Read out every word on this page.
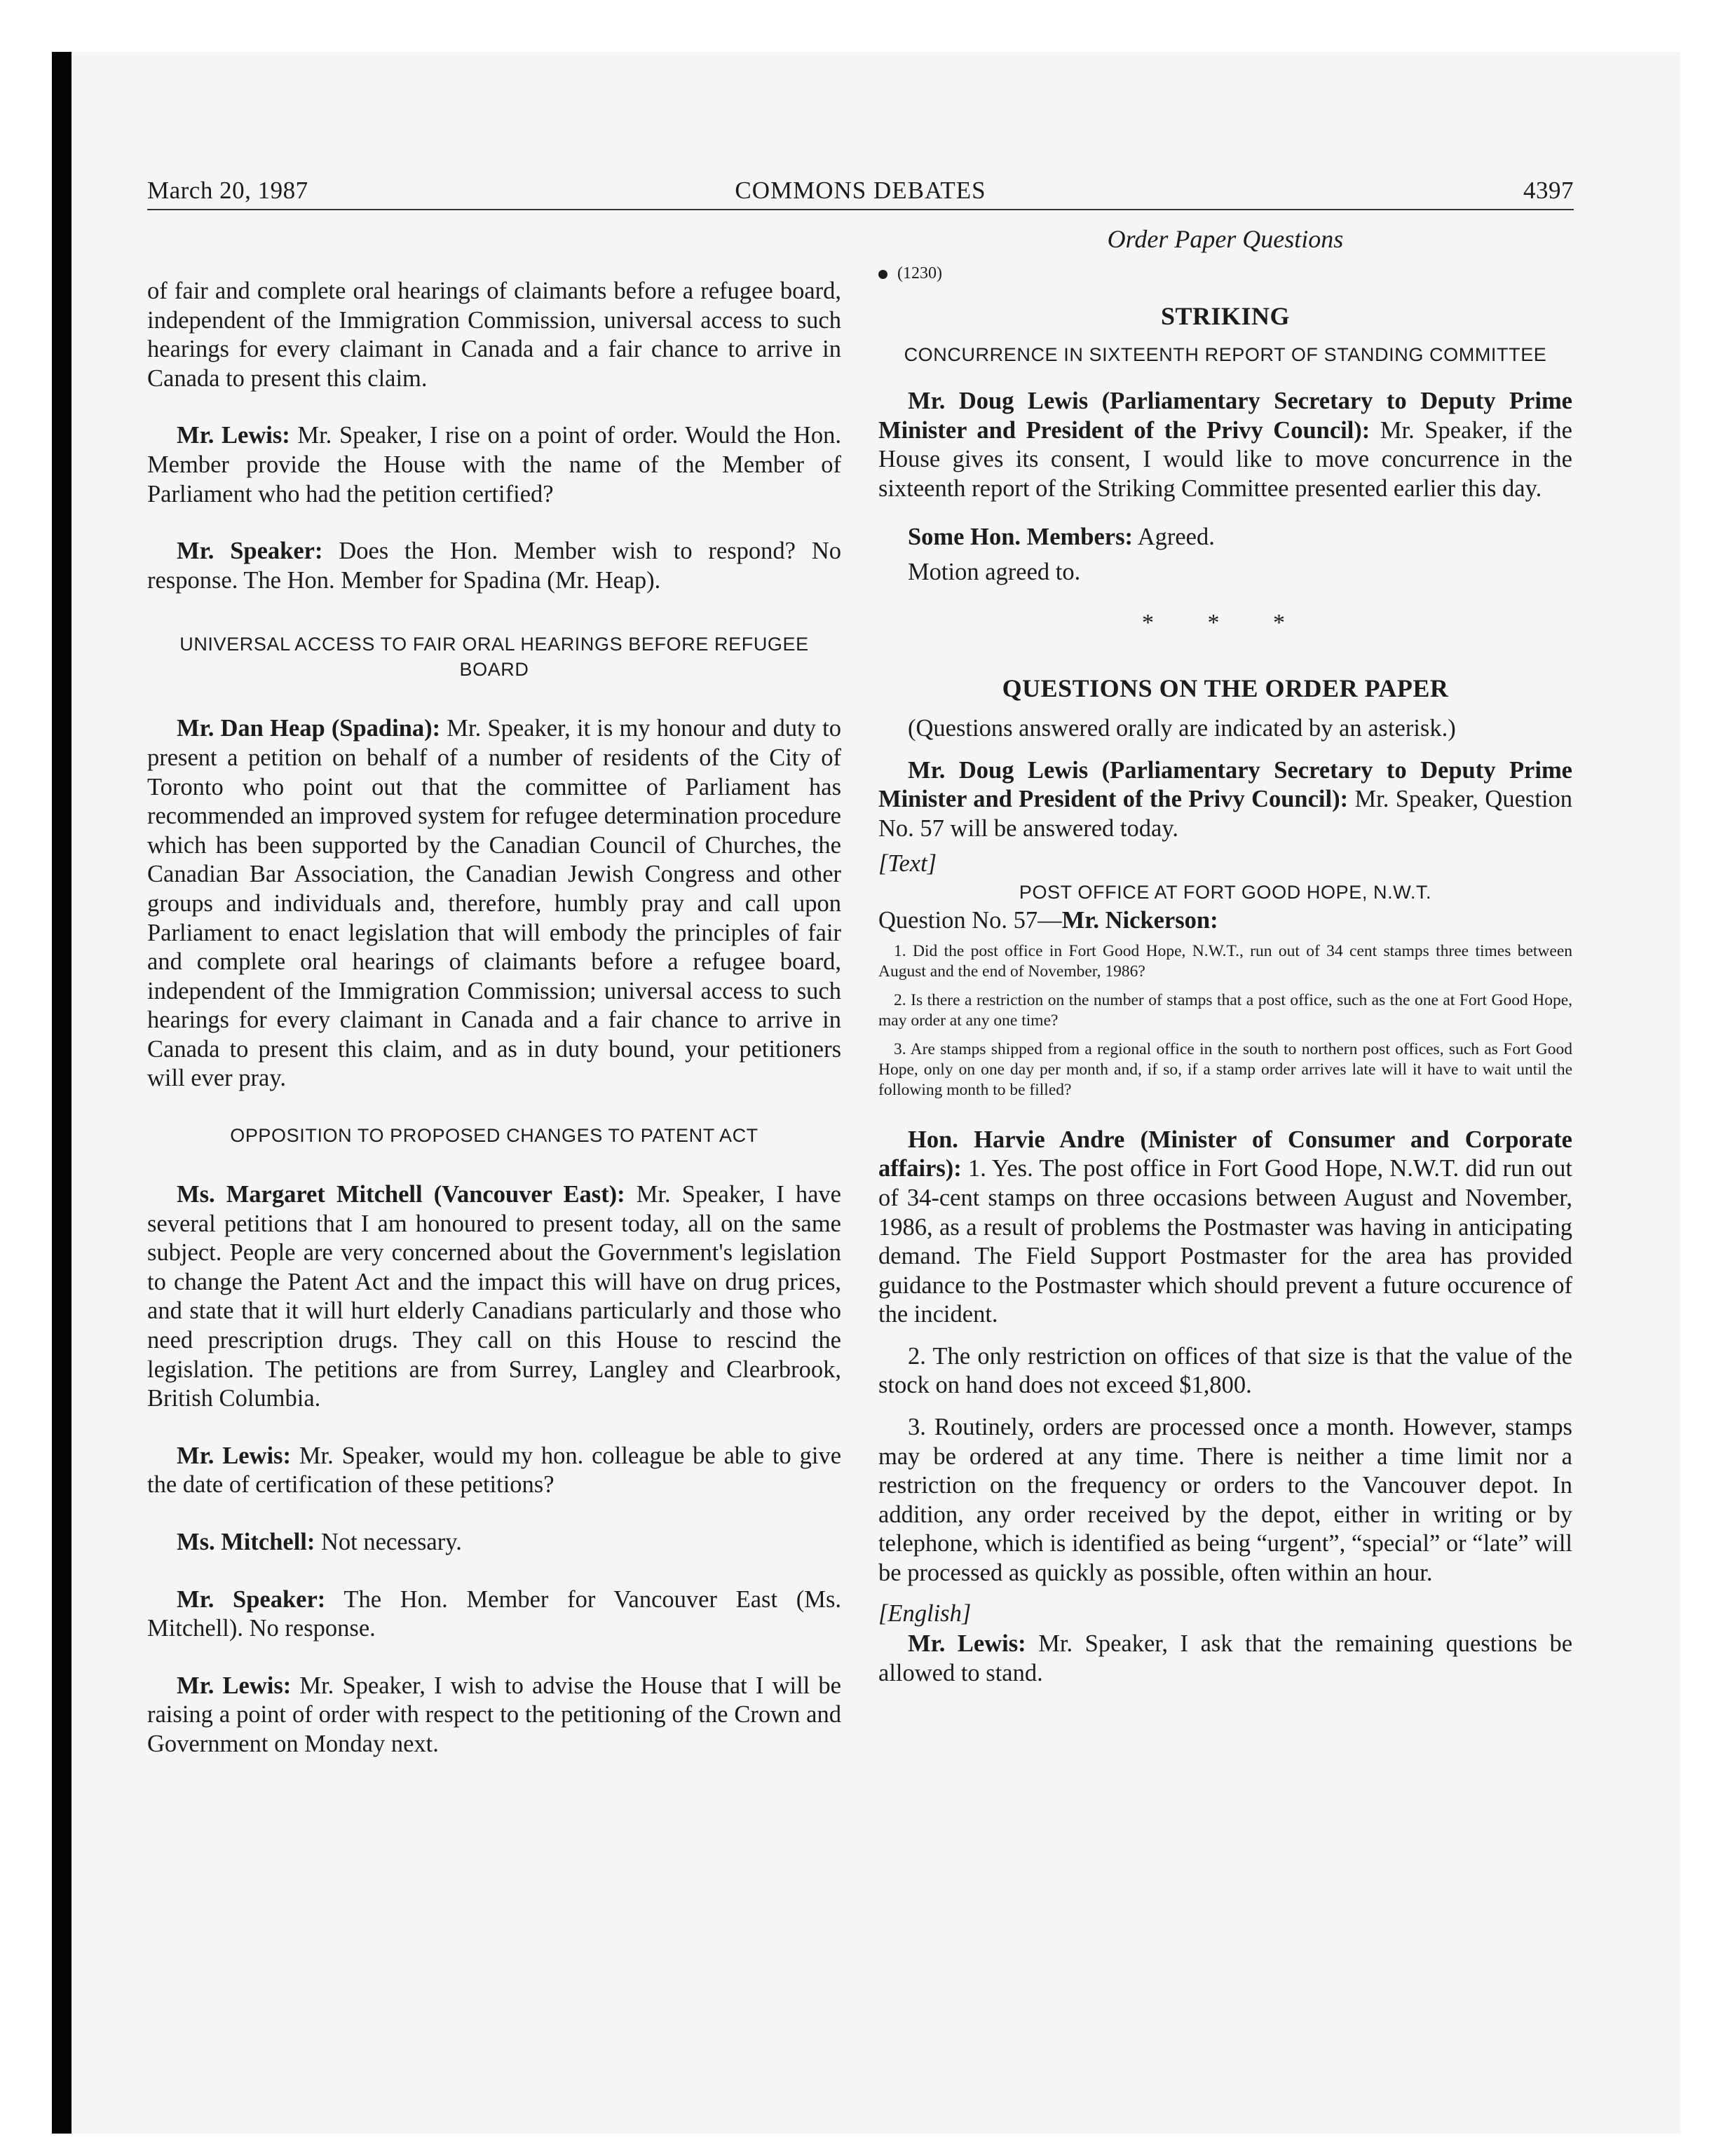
March 20, 1987	COMMONS DEBATES	4397

of fair and complete oral hearings of claimants before a refugee board, independent of the Immigration Commission, universal access to such hearings for every claimant in Canada and a fair chance to arrive in Canada to present this claim.

Mr. Lewis: Mr. Speaker, I rise on a point of order. Would the Hon. Member provide the House with the name of the Member of Parliament who had the petition certified?

Mr. Speaker: Does the Hon. Member wish to respond? No response. The Hon. Member for Spadina (Mr. Heap).

UNIVERSAL ACCESS TO FAIR ORAL HEARINGS BEFORE REFUGEE BOARD

Mr. Dan Heap (Spadina): Mr. Speaker, it is my honour and duty to present a petition on behalf of a number of residents of the City of Toronto who point out that the committee of Parliament has recommended an improved system for refugee determination procedure which has been supported by the Canadian Council of Churches, the Canadian Bar Association, the Canadian Jewish Congress and other groups and individuals and, therefore, humbly pray and call upon Parliament to enact legislation that will embody the principles of fair and complete oral hearings of claimants before a refugee board, independent of the Immigration Commission; universal access to such hearings for every claimant in Canada and a fair chance to arrive in Canada to present this claim, and as in duty bound, your petitioners will ever pray.

OPPOSITION TO PROPOSED CHANGES TO PATENT ACT

Ms. Margaret Mitchell (Vancouver East): Mr. Speaker, I have several petitions that I am honoured to present today, all on the same subject. People are very concerned about the Government's legislation to change the Patent Act and the impact this will have on drug prices, and state that it will hurt elderly Canadians particularly and those who need prescription drugs. They call on this House to rescind the legislation. The petitions are from Surrey, Langley and Clearbrook, British Columbia.

Mr. Lewis: Mr. Speaker, would my hon. colleague be able to give the date of certification of these petitions?

Ms. Mitchell: Not necessary.

Mr. Speaker: The Hon. Member for Vancouver East (Ms. Mitchell). No response.

Mr. Lewis: Mr. Speaker, I wish to advise the House that I will be raising a point of order with respect to the petitioning of the Crown and Government on Monday next.

Order Paper Questions

(1230)

STRIKING

CONCURRENCE IN SIXTEENTH REPORT OF STANDING COMMITTEE

Mr. Doug Lewis (Parliamentary Secretary to Deputy Prime Minister and President of the Privy Council): Mr. Speaker, if the House gives its consent, I would like to move concurrence in the sixteenth report of the Striking Committee presented earlier this day.

Some Hon. Members: Agreed.

Motion agreed to.

* * *

QUESTIONS ON THE ORDER PAPER

(Questions answered orally are indicated by an asterisk.)

Mr. Doug Lewis (Parliamentary Secretary to Deputy Prime Minister and President of the Privy Council): Mr. Speaker, Question No. 57 will be answered today.

[Text]

POST OFFICE AT FORT GOOD HOPE, N.W.T.

Question No. 57—Mr. Nickerson:

1. Did the post office in Fort Good Hope, N.W.T., run out of 34 cent stamps three times between August and the end of November, 1986?

2. Is there a restriction on the number of stamps that a post office, such as the one at Fort Good Hope, may order at any one time?

3. Are stamps shipped from a regional office in the south to northern post offices, such as Fort Good Hope, only on one day per month and, if so, if a stamp order arrives late will it have to wait until the following month to be filled?

Hon. Harvie Andre (Minister of Consumer and Corporate affairs): 1. Yes. The post office in Fort Good Hope, N.W.T. did run out of 34-cent stamps on three occasions between August and November, 1986, as a result of problems the Postmaster was having in anticipating demand. The Field Support Postmaster for the area has provided guidance to the Postmaster which should prevent a future occurence of the incident.

2. The only restriction on offices of that size is that the value of the stock on hand does not exceed $1,800.

3. Routinely, orders are processed once a month. However, stamps may be ordered at any time. There is neither a time limit nor a restriction on the frequency or orders to the Vancouver depot. In addition, any order received by the depot, either in writing or by telephone, which is identified as being “urgent”, “special” or “late” will be processed as quickly as possible, often within an hour.

[English]

Mr. Lewis: Mr. Speaker, I ask that the remaining questions be allowed to stand.
